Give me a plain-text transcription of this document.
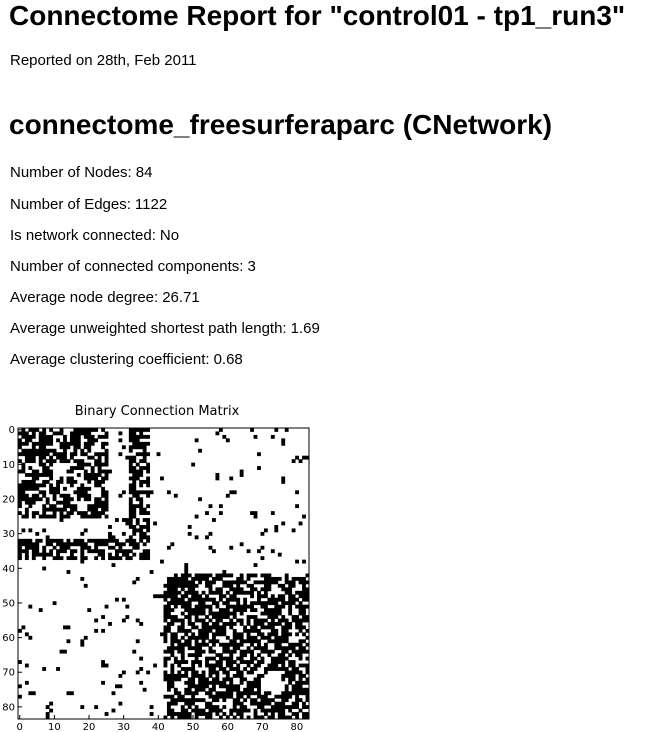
Connectome Report for "control01 - tp1_run3"

Reported on 28th, Feb 2011

connectome_freesurferaparc (CNetwork)

Number of Nodes: 84

Number of Edges: 1122

Is network connected: No

Number of connected components: 3

Average node degree: 26.71

Average unweighted shortest path length: 1.69

Average clustering coefficient: 0.68

Binary Connection Matrix
0	10 20 30 40 50 60 70 80
0
10
20
30
40
50
60
70
80
